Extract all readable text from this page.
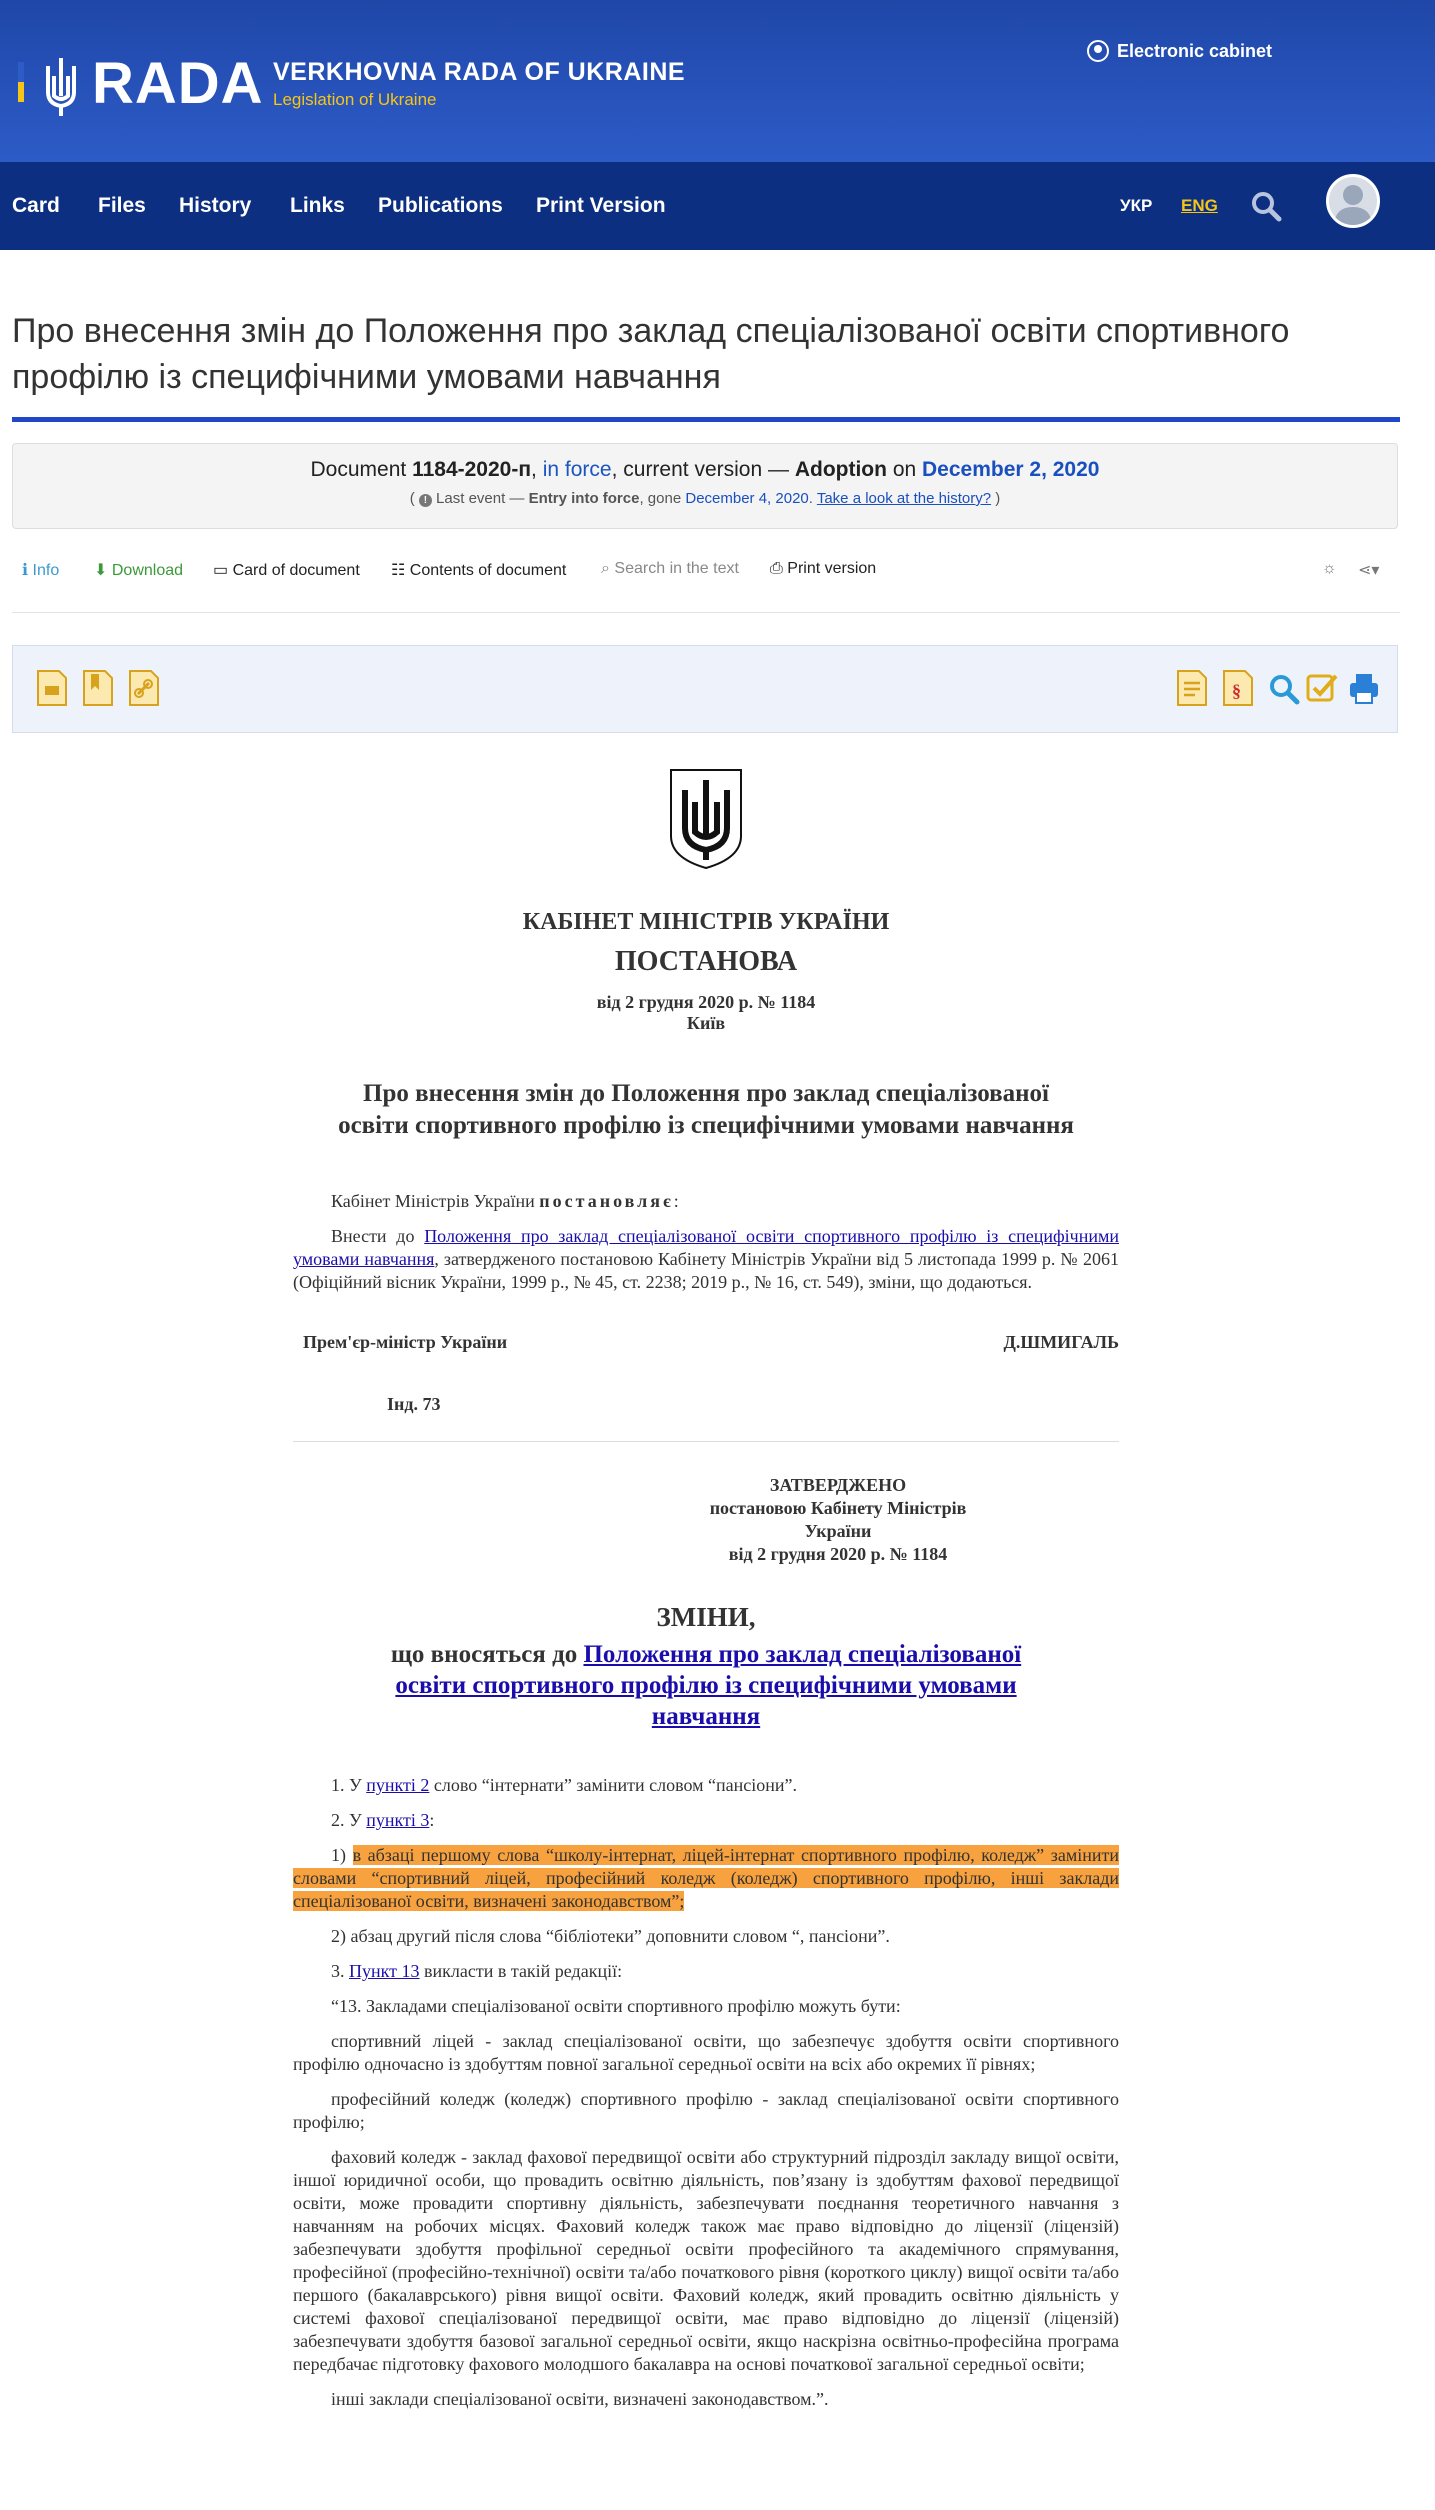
RADA VERKHOVNA RADA OF UKRAINE
Legislation of Ukraine
Electronic cabinet
Card Files History Links Publications Print Version	УКР ENG
Про внесення змін до Положення про заклад спеціалізованої освіти спортивного профілю із специфічними умовами навчання
Document 1184-2020-п, in force, current version — Adoption on December 2, 2020
( ! Last event — Entry into force, gone December 4, 2020. Take a look at the history? )
ℹ Info ⬇ Download ▭ Card of document ☷ Contents of document ⌕ Search in the text ⎙ Print version	☼ ⋖▾
§
КАБІНЕТ МІНІСТРІВ УКРАЇНИ
ПОСТАНОВА
від 2 грудня 2020 р. № 1184
Київ
Про внесення змін до Положення про заклад спеціалізованої освіти спортивного профілю із специфічними умовами навчання

Кабінет Міністрів України постановляє:

Внести до Положення про заклад спеціалізованої освіти спортивного профілю із специфічними умовами навчання, затвердженого постановою Кабінету Міністрів України від 5 листопада 1999 р. № 2061 (Офіційний вісник України, 1999 р., № 45, ст. 2238; 2019 р., № 16, ст. 549), зміни, що додаються.

Прем'єр-міністр України	Д.ШМИГАЛЬ
Інд. 73
ЗАТВЕРДЖЕНО
постановою Кабінету Міністрів України
від 2 грудня 2020 р. № 1184
ЗМІНИ,
що вносяться до Положення про заклад спеціалізованої освіти спортивного профілю із специфічними умовами навчання

1. У пункті 2 слово “інтернати” замінити словом “пансіони”.

2. У пункті 3:

1) в абзаці першому слова “школу-інтернат, ліцей-інтернат спортивного профілю, коледж” замінити словами “спортивний ліцей, професійний коледж (коледж) спортивного профілю, інші заклади спеціалізованої освіти, визначені законодавством”;

2) абзац другий після слова “бібліотеки” доповнити словом “, пансіони”.

3. Пункт 13 викласти в такій редакції:

“13. Закладами спеціалізованої освіти спортивного профілю можуть бути:

спортивний ліцей - заклад спеціалізованої освіти, що забезпечує здобуття освіти спортивного профілю одночасно із здобуттям повної загальної середньої освіти на всіх або окремих її рівнях;

професійний коледж (коледж) спортивного профілю - заклад спеціалізованої освіти спортивного профілю;

фаховий коледж - заклад фахової передвищої освіти або структурний підрозділ закладу вищої освіти, іншої юридичної особи, що провадить освітню діяльність, пов’язану із здобуттям фахової передвищої освіти, може провадити спортивну діяльність, забезпечувати поєднання теоретичного навчання з навчанням на робочих місцях. Фаховий коледж також має право відповідно до ліцензії (ліцензій) забезпечувати здобуття профільної середньої освіти професійного та академічного спрямування, професійної (професійно-технічної) освіти та/або початкового рівня (короткого циклу) вищої освіти та/або першого (бакалаврського) рівня вищої освіти. Фаховий коледж, який провадить освітню діяльність у системі фахової спеціалізованої передвищої освіти, має право відповідно до ліцензії (ліцензій) забезпечувати здобуття базової загальної середньої освіти, якщо наскрізна освітньо-професійна програма передбачає підготовку фахового молодшого бакалавра на основі початкової загальної середньої освіти;

інші заклади спеціалізованої освіти, визначені законодавством.”.
